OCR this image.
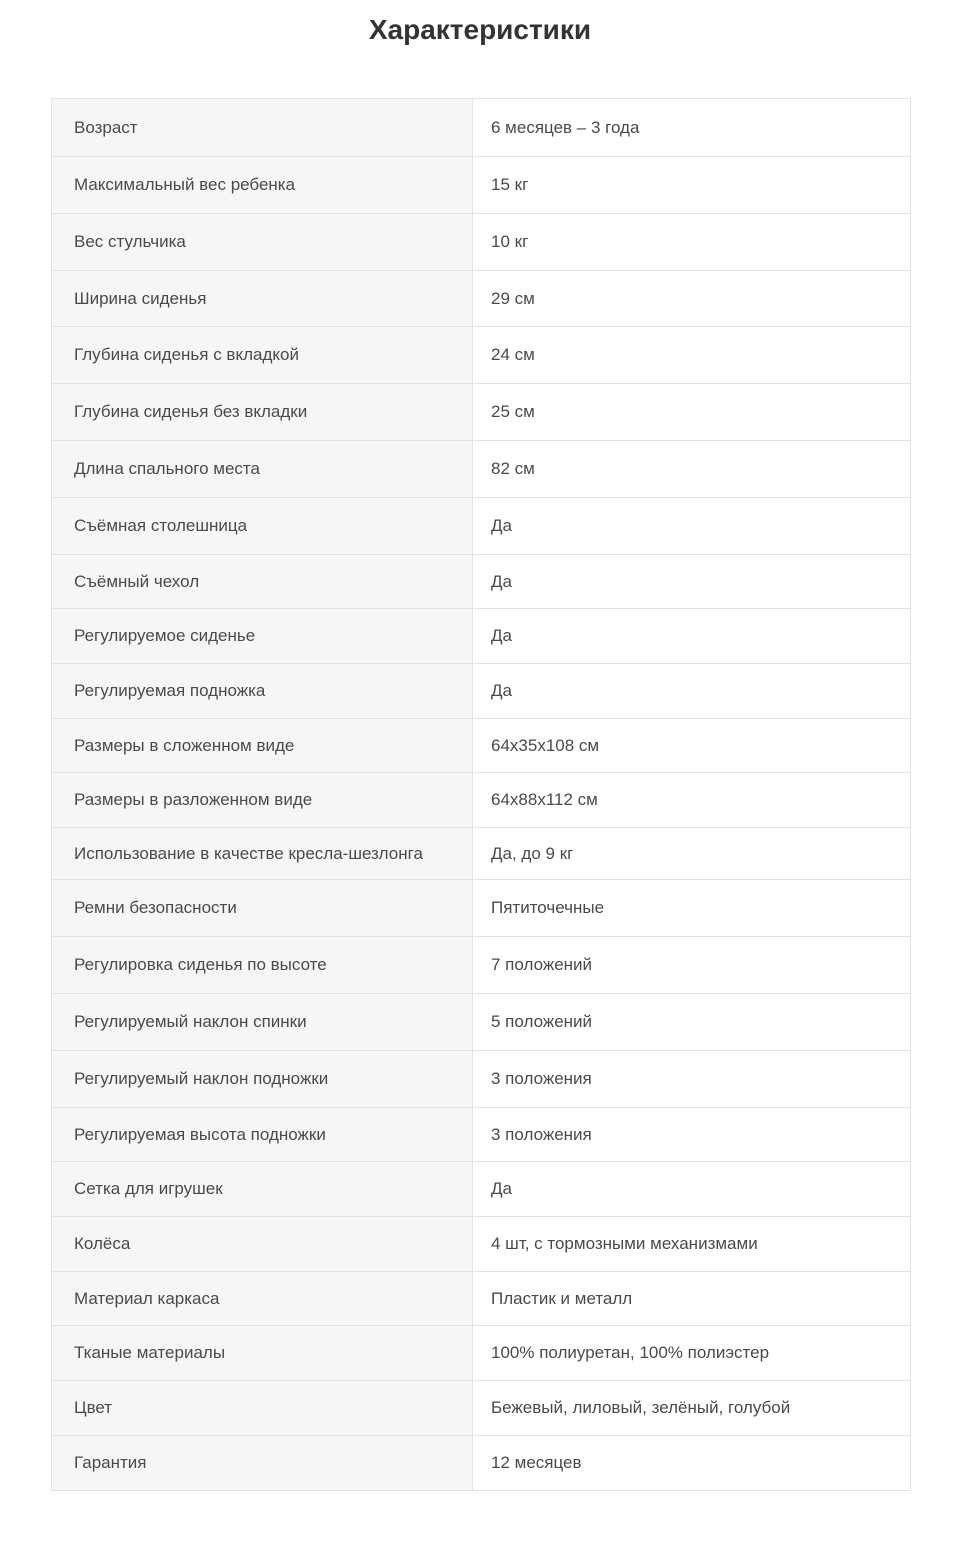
Характеристики
Возраст	6 месяцев – 3 года
Максимальный вес ребенка	15 кг
Вес стульчика	10 кг
Ширина сиденья	29 см
Глубина сиденья с вкладкой	24 см
Глубина сиденья без вкладки	25 см
Длина спального места	82 см
Съёмная столешница	Да
Съёмный чехол	Да
Регулируемое сиденье	Да
Регулируемая подножка	Да
Размеры в сложенном виде	64x35x108 см
Размеры в разложенном виде	64x88x112 см
Использование в качестве кресла-шезлонга	Да, до 9 кг
Ремни безопасности	Пятиточечные
Регулировка сиденья по высоте	7 положений
Регулируемый наклон спинки	5 положений
Регулируемый наклон подножки	3 положения
Регулируемая высота подножки	3 положения
Сетка для игрушек	Да
Колёса	4 шт, с тормозными механизмами
Материал каркаса	Пластик и металл
Тканые материалы	100% полиуретан, 100% полиэстер
Цвет	Бежевый, лиловый, зелёный, голубой
Гарантия	12 месяцев
